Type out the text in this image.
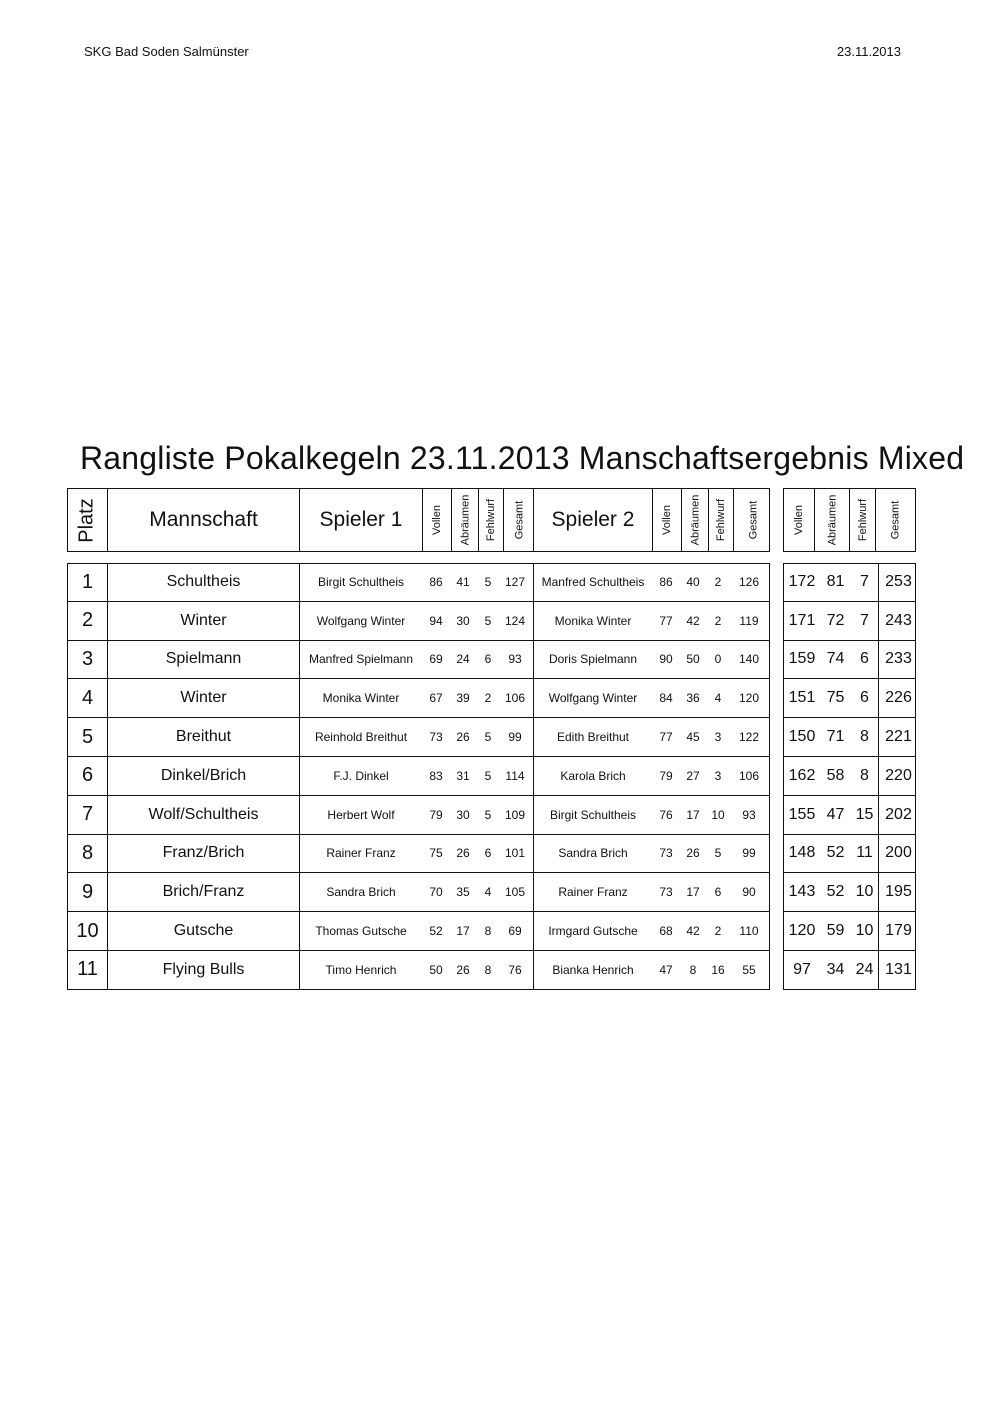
SKG Bad Soden Salmünster	23.11.2013
Rangliste Pokalkegeln 23.11.2013 Manschaftsergebnis Mixed
Platz	Mannschaft	Spieler 1	Vollen Abräumen Fehlwurf Gesamt	Spieler 2	Vollen Abräumen Fehlwurf Gesamt	Vollen Abräumen Fehlwurf Gesamt
1	Schultheis	Birgit Schultheis	86	41	5	127	Manfred Schultheis	86	40	2	126	172 81 7	253
2	Winter	Wolfgang Winter	94	30	5	124	Monika Winter	77	42	2	119	171 72 7	243
3	Spielmann	Manfred Spielmann	69	24	6	93	Doris Spielmann	90	50	0	140	159 74 6	233
4	Winter	Monika Winter	67	39	2	106	Wolfgang Winter	84	36	4	120	151 75 6	226
5	Breithut	Reinhold Breithut	73	26	5	99	Edith Breithut	77	45	3	122	150 71 8	221
6	Dinkel/Brich	F.J. Dinkel	83	31	5	114	Karola Brich	79	27	3	106	162 58 8	220
7	Wolf/Schultheis	Herbert Wolf	79	30	5	109	Birgit Schultheis	76	17 10	93	155 47 15 202
8	Franz/Brich	Rainer Franz	75	26	6	101	Sandra Brich	73	26	5	99	148 52 11 200
9	Brich/Franz	Sandra Brich	70	35	4	105	Rainer Franz	73	17	6	90	143 52 10 195
10	Gutsche	Thomas Gutsche	52	17	8	69	Irmgard Gutsche	68	42	2	110	120 59 10 179
11	Flying Bulls	Timo Henrich	50	26	8	76	Bianka Henrich	47	8	16	55	97 34 24 131
